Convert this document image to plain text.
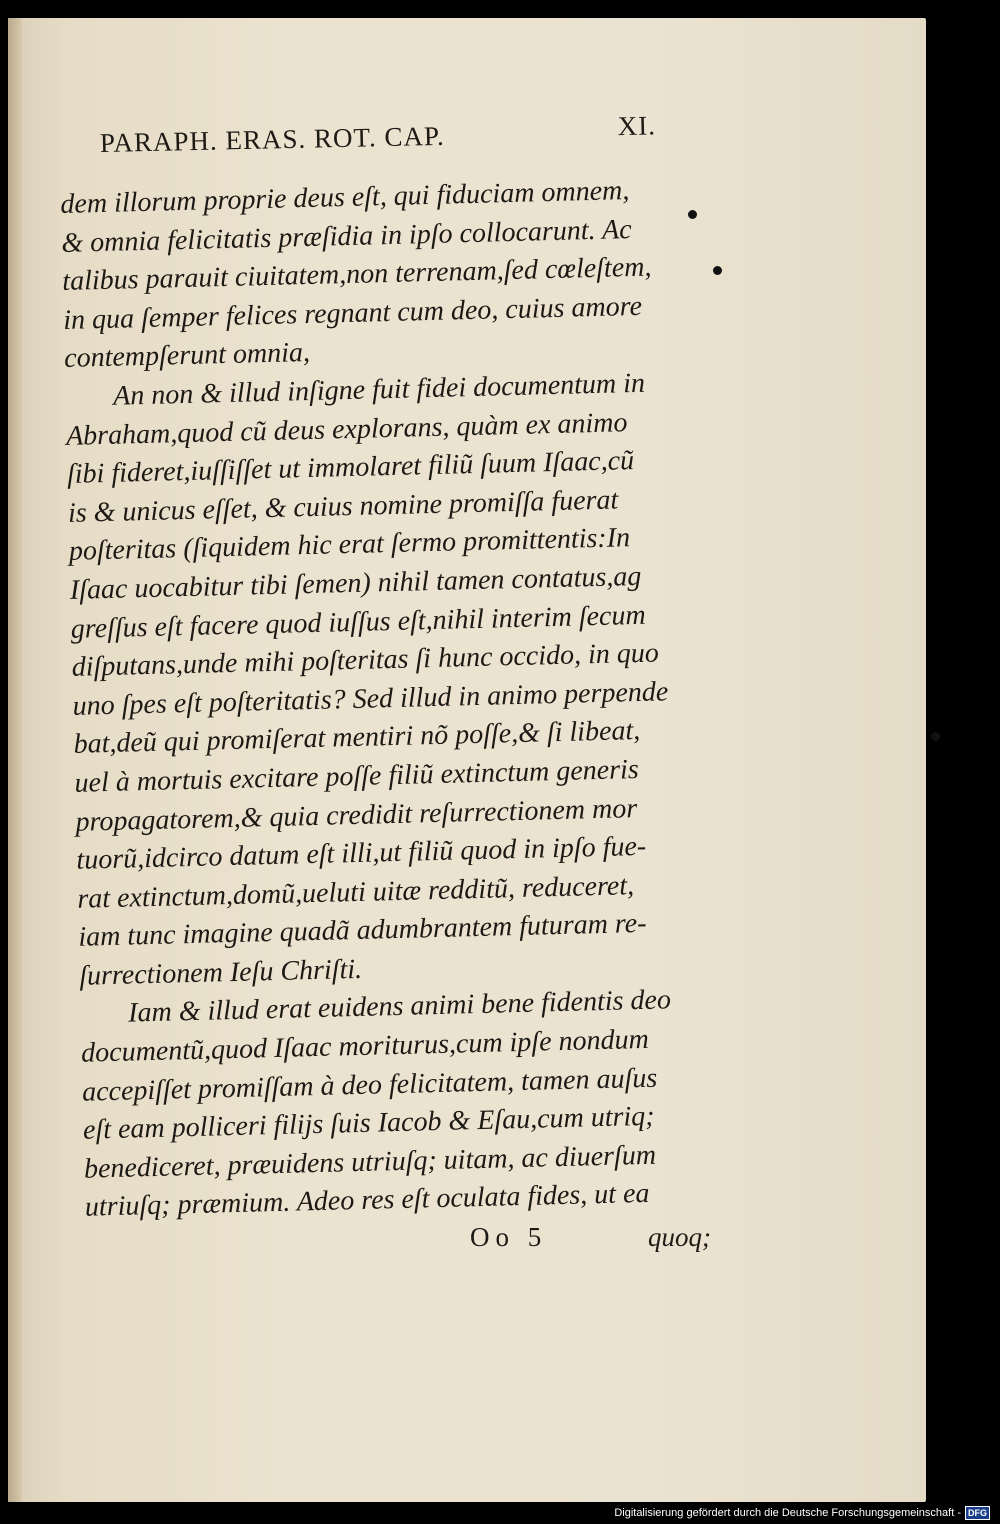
PARAPH. ERAS. ROT. CAP.	XI.
dem illorum proprie deus eſt, qui fiduciam omnem,
& omnia felicitatis præſidia in ipſo collocarunt. Ac
talibus parauit ciuitatem,non terrenam,ſed cœleſtem,
in qua ſemper felices regnant cum deo, cuius amore
contempſerunt omnia,
An non & illud inſigne fuit fidei documentum in
Abraham,quod cũ deus explorans, quàm ex animo
ſibi fideret,iuſſiſſet ut immolaret filiũ ſuum Iſaac,cũ
is & unicus eſſet, & cuius nomine promiſſa fuerat
poſteritas (ſiquidem hic erat ſermo promittentis:In
Iſaac uocabitur tibi ſemen) nihil tamen contatus,ag
greſſus eſt facere quod iuſſus eſt,nihil interim ſecum
diſputans,unde mihi poſteritas ſi hunc occido, in quo
uno ſpes eſt poſteritatis? Sed illud in animo perpende
bat,deũ qui promiſerat mentiri nõ poſſe,& ſi libeat,
uel à mortuis excitare poſſe filiũ extinctum generis
propagatorem,& quia credidit reſurrectionem mor
tuorũ,idcirco datum eſt illi,ut filiũ quod in ipſo fue-
rat extinctum,domũ,ueluti uitæ redditũ, reduceret,
iam tunc imagine quadã adumbrantem futuram re-
ſurrectionem Ieſu Chriſti.
Iam & illud erat euidens animi bene fidentis deo
documentũ,quod Iſaac moriturus,cum ipſe nondum
accepiſſet promiſſam à deo felicitatem, tamen auſus
eſt eam polliceri filijs ſuis Iacob & Eſau,cum utriq;
benediceret, præuidens utriuſq; uitam, ac diuerſum
utriuſq; præmium. Adeo res eſt oculata fides, ut ea
Oo 5	quoq;
Digitalisierung gefördert durch die Deutsche Forschungsgemeinschaft - DFG
